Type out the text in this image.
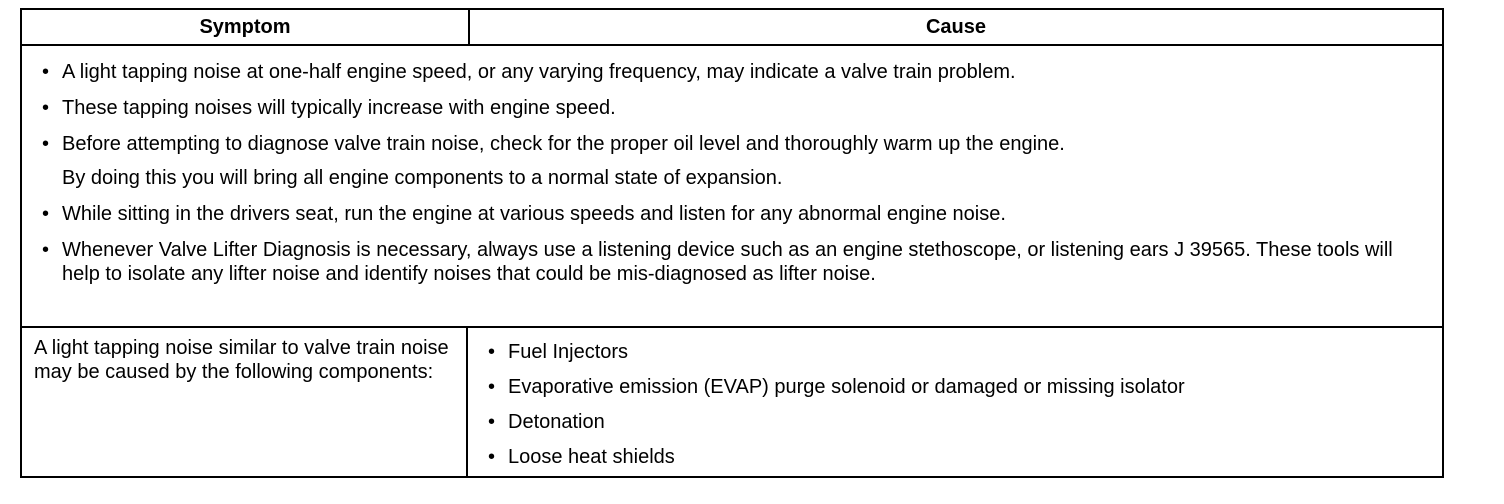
Symptom	Cause
• A light tapping noise at one-half engine speed, or any varying frequency, may indicate a valve train problem.
• These tapping noises will typically increase with engine speed.
• Before attempting to diagnose valve train noise, check for the proper oil level and thoroughly warm up the engine.
By doing this you will bring all engine components to a normal state of expansion.
• While sitting in the drivers seat, run the engine at various speeds and listen for any abnormal engine noise.
• Whenever Valve Lifter Diagnosis is necessary, always use a listening device such as an engine stethoscope, or listening ears J 39565. These tools will help to isolate any lifter noise and identify noises that could be mis-diagnosed as lifter noise.
A light tapping noise similar to valve train noise may be caused by the following components:
• Fuel Injectors
• Evaporative emission (EVAP) purge solenoid or damaged or missing isolator
• Detonation
• Loose heat shields
